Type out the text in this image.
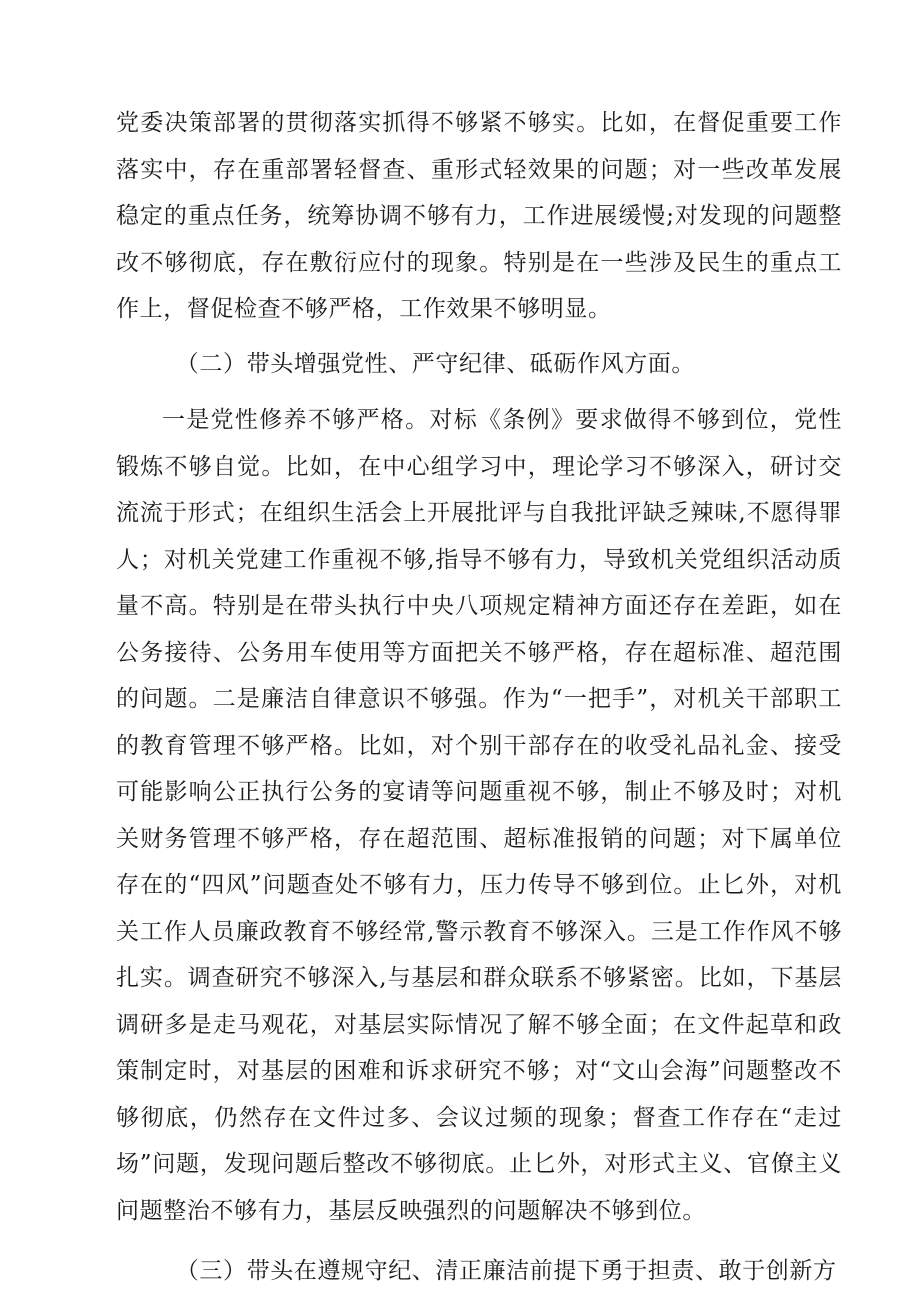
党委决策部署的贯彻落实抓得不够紧不够实。比如，在督促重要工作落实中，存在重部署轻督查、重形式轻效果的问题；对一些改革发展稳定的重点任务，统筹协调不够有力，工作进展缓慢;对发现的问题整改不够彻底，存在敷衍应付的现象。特别是在一些涉及民生的重点工作上，督促检查不够严格，工作效果不够明显。

（二）带头增强党性、严守纪律、砥砺作风方面。

一是党性修养不够严格。对标《条例》要求做得不够到位，党性锻炼不够自觉。比如，在中心组学习中，理论学习不够深入，研讨交流流于形式；在组织生活会上开展批评与自我批评缺乏辣味,不愿得罪人；对机关党建工作重视不够,指导不够有力，导致机关党组织活动质量不高。特别是在带头执行中央八项规定精神方面还存在差距，如在公务接待、公务用车使用等方面把关不够严格，存在超标准、超范围的问题。二是廉洁自律意识不够强。作为“一把手”，对机关干部职工的教育管理不够严格。比如，对个别干部存在的收受礼品礼金、接受可能影响公正执行公务的宴请等问题重视不够，制止不够及时；对机关财务管理不够严格，存在超范围、超标准报销的问题；对下属单位存在的“四风”问题查处不够有力，压力传导不够到位。止匕外，对机关工作人员廉政教育不够经常,警示教育不够深入。三是工作作风不够扎实。调查研究不够深入,与基层和群众联系不够紧密。比如，下基层调研多是走马观花，对基层实际情况了解不够全面；在文件起草和政策制定时，对基层的困难和诉求研究不够；对“文山会海”问题整改不够彻底，仍然存在文件过多、会议过频的现象；督查工作存在“走过场”问题，发现问题后整改不够彻底。止匕外，对形式主义、官僚主义问题整治不够有力，基层反映强烈的问题解决不够到位。

（三）带头在遵规守纪、清正廉洁前提下勇于担责、敢于创新方
